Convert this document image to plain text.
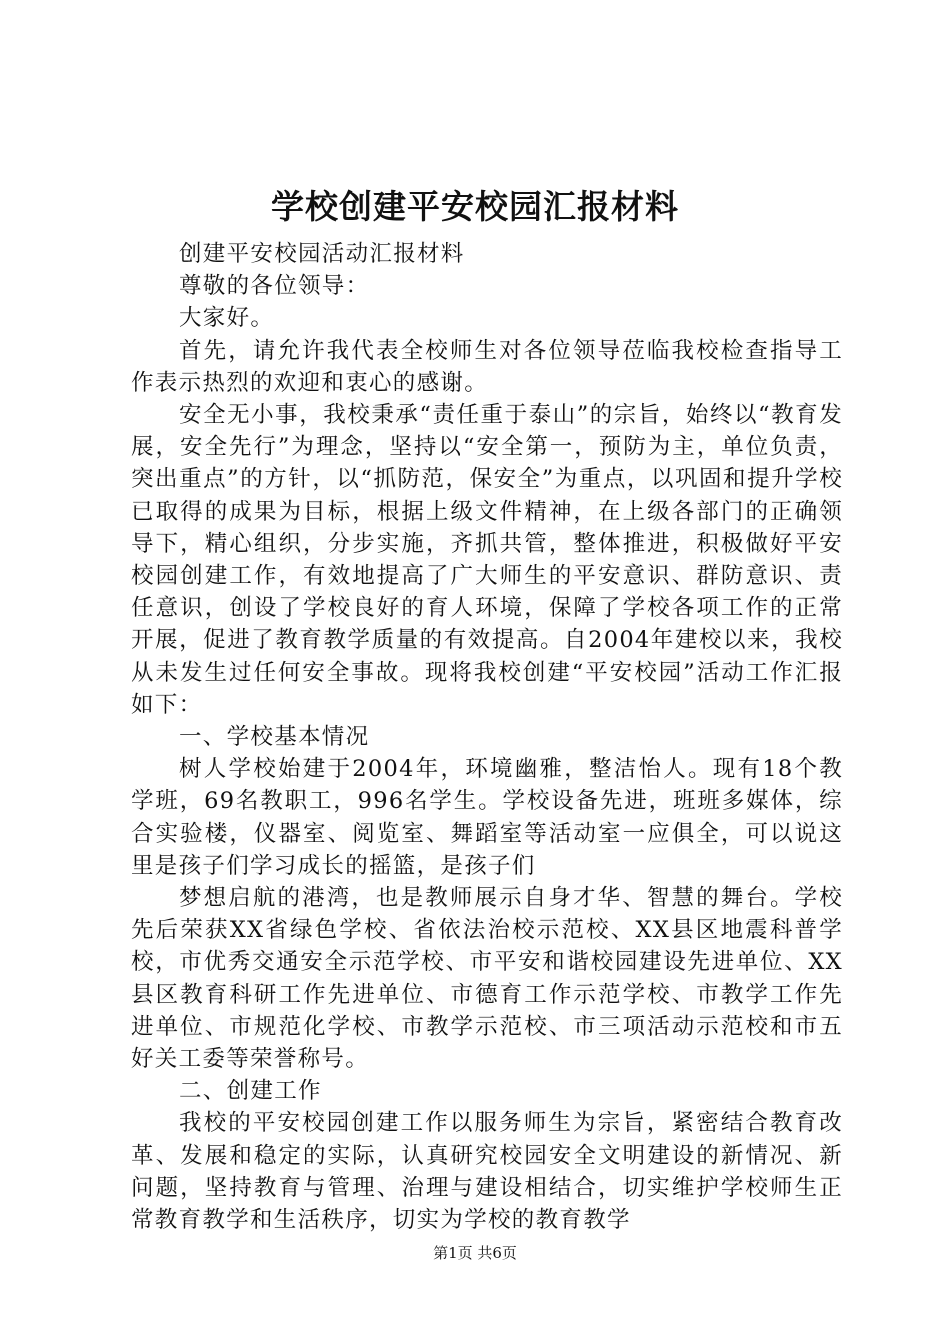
学校创建平安校园汇报材料

创建平安校园活动汇报材料

尊敬的各位领导：

大家好。

首先，请允许我代表全校师生对各位领导莅临我校检查指导工作表示热烈的欢迎和衷心的感谢。

安全无小事，我校秉承“责任重于泰山”的宗旨，始终以“教育发展，安全先行”为理念，坚持以“安全第一，预防为主，单位负责，突出重点”的方针，以“抓防范，保安全”为重点，以巩固和提升学校已取得的成果为目标，根据上级文件精神，在上级各部门的正确领导下，精心组织，分步实施，齐抓共管，整体推进，积极做好平安校园创建工作，有效地提高了广大师生的平安意识、群防意识、责任意识，创设了学校良好的育人环境，保障了学校各项工作的正常开展，促进了教育教学质量的有效提高。自2004年建校以来，我校从未发生过任何安全事故。现将我校创建“平安校园”活动工作汇报如下：

一、学校基本情况

树人学校始建于2004年，环境幽雅，整洁怡人。现有18个教学班，69名教职工，996名学生。学校设备先进，班班多媒体，综合实验楼，仪器室、阅览室、舞蹈室等活动室一应俱全，可以说这里是孩子们学习成长的摇篮，是孩子们

梦想启航的港湾，也是教师展示自身才华、智慧的舞台。学校先后荣获XX省绿色学校、省依法治校示范校、XX县区地震科普学校，市优秀交通安全示范学校、市平安和谐校园建设先进单位、XX县区教育科研工作先进单位、市德育工作示范学校、市教学工作先进单位、市规范化学校、市教学示范校、市三项活动示范校和市五好关工委等荣誉称号。

二、创建工作

我校的平安校园创建工作以服务师生为宗旨，紧密结合教育改革、发展和稳定的实际，认真研究校园安全文明建设的新情况、新问题，坚持教育与管理、治理与建设相结合，切实维护学校师生正常教育教学和生活秩序，切实为学校的教育教学

第1页 共6页
